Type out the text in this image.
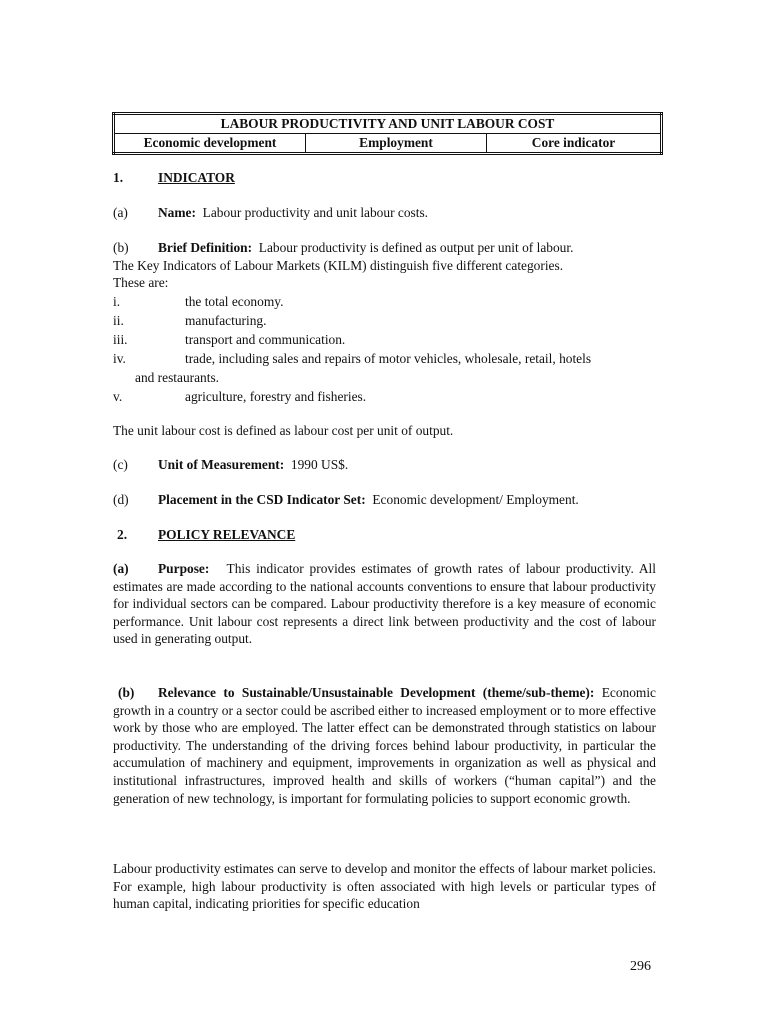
LABOUR PRODUCTIVITY AND UNIT LABOUR COST
Economic development	Employment	Core indicator
1.	INDICATOR
(a) Name: Labour productivity and unit labour costs.
(b) Brief Definition: Labour productivity is defined as output per unit of labour.
The Key Indicators of Labour Markets (KILM) distinguish five different categories.
These are:
i.	the total economy.
ii.	manufacturing.
iii.	transport and communication.
iv.	trade, including sales and repairs of motor vehicles, wholesale, retail, hotels
and restaurants.
v.	agriculture, forestry and fisheries.
The unit labour cost is defined as labour cost per unit of output.
(c) Unit of Measurement: 1990 US$.
(d) Placement in the CSD Indicator Set: Economic development/ Employment.
2. POLICY RELEVANCE
(a) Purpose: This indicator provides estimates of growth rates of labour productivity. All estimates are made according to the national accounts conventions to ensure that labour productivity for individual sectors can be compared. Labour productivity therefore is a key measure of economic performance. Unit labour cost represents a direct link between productivity and the cost of labour used in generating output.
(b) Relevance to Sustainable/Unsustainable Development (theme/sub-theme): Economic growth in a country or a sector could be ascribed either to increased employment or to more effective work by those who are employed. The latter effect can be demonstrated through statistics on labour productivity. The understanding of the driving forces behind labour productivity, in particular the accumulation of machinery and equipment, improvements in organization as well as physical and institutional infrastructures, improved health and skills of workers (“human capital”) and the generation of new technology, is important for formulating policies to support economic growth.
Labour productivity estimates can serve to develop and monitor the effects of labour market policies. For example, high labour productivity is often associated with high levels or particular types of human capital, indicating priorities for specific education
296
